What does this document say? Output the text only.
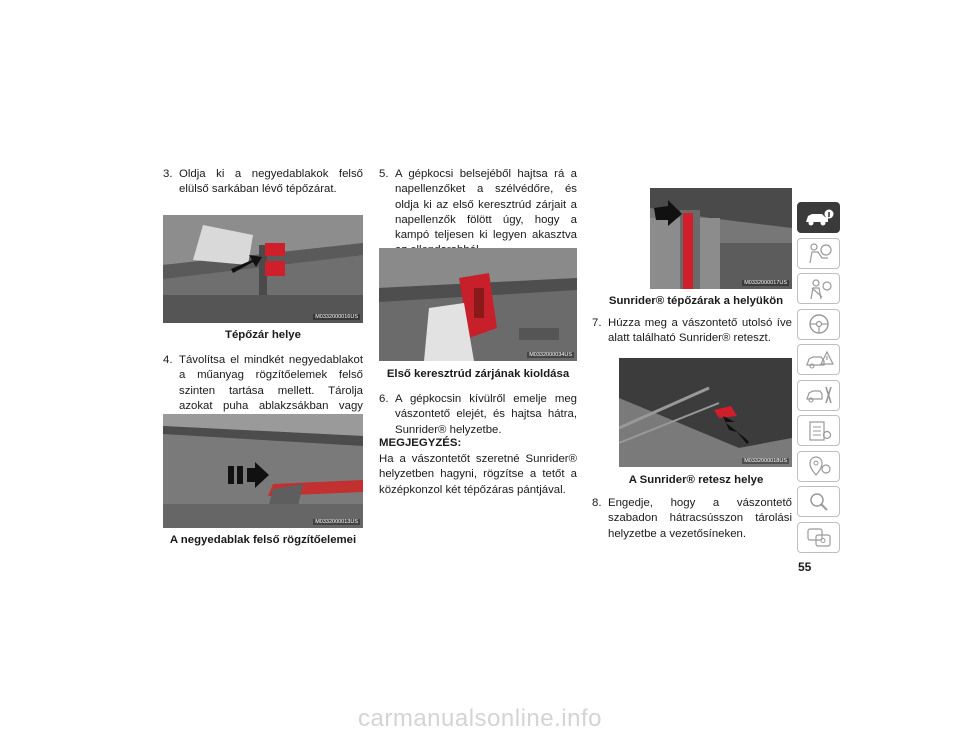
3. Oldja ki a negyedablakok felső elülső sarkában lévő tépőzárat.
M0332000016US
Tépőzár helye
4. Távolítsa el mindkét negyedablakot a műanyag rögzítőelemek felső szinten tartása mellett. Tárolja azokat puha ablakzsákban vagy
M0332000013US
A negyedablak felső rögzítőelemei
5. A gépkocsi belsejéből hajtsa rá a napellenzőket a szélvédőre, és oldja ki az első keresztrúd zárjait a napellenzők fölött úgy, hogy a kampó teljesen ki legyen akasztva
M0332000034US
Első keresztrúd zárjának kioldása
6. A gépkocsin kívülről emelje meg vászontető elejét, és hajtsa hátra, Sunrider® helyzetbe.
MEGJEGYZÉS:
Ha a vászontetőt szeretné Sunrider® helyzetben hagyni, rögzítse a tetőt a középkonzol két tépőzáras pántjával.
M0332000017US
Sunrider® tépőzárak a helyükön
7. Húzza meg a vászontető utolsó íve alatt található Sunrider® reteszt.
M0332000018US
A Sunrider® retesz helye
8. Engedje, hogy a vászontető szabadon hátracsússzon tárolási helyzetbe a vezetősíneken.
55
carmanualsonline.info
